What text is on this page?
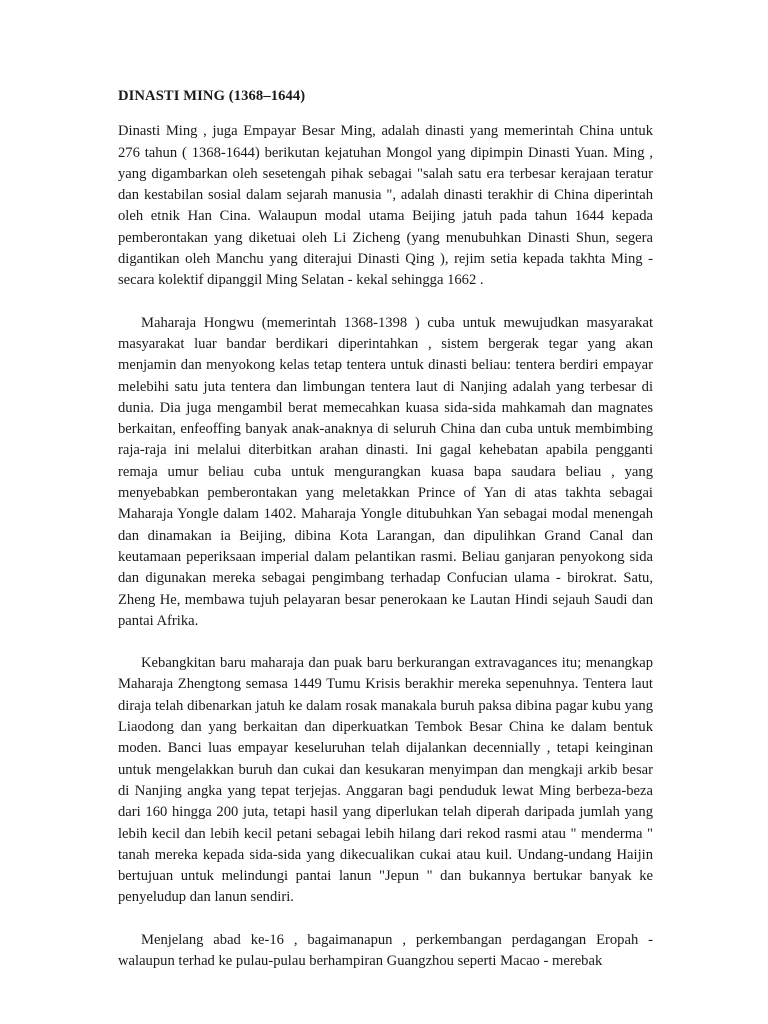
DINASTI MING (1368–1644)

Dinasti Ming , juga Empayar Besar Ming, adalah dinasti yang memerintah China untuk 276 tahun ( 1368-1644) berikutan kejatuhan Mongol yang dipimpin Dinasti Yuan. Ming , yang digambarkan oleh sesetengah pihak sebagai "salah satu era terbesar kerajaan teratur dan kestabilan sosial dalam sejarah manusia ", adalah dinasti terakhir di China diperintah oleh etnik Han Cina. Walaupun modal utama Beijing jatuh pada tahun 1644 kepada pemberontakan yang diketuai oleh Li Zicheng (yang menubuhkan Dinasti Shun, segera digantikan oleh Manchu yang diterajui Dinasti Qing ), rejim setia kepada takhta Ming - secara kolektif dipanggil Ming Selatan - kekal sehingga 1662 .

Maharaja Hongwu (memerintah 1368-1398 ) cuba untuk mewujudkan masyarakat masyarakat luar bandar berdikari diperintahkan , sistem bergerak tegar yang akan menjamin dan menyokong kelas tetap tentera untuk dinasti beliau: tentera berdiri empayar melebihi satu juta tentera dan limbungan tentera laut di Nanjing adalah yang terbesar di dunia. Dia juga mengambil berat memecahkan kuasa sida-sida mahkamah dan magnates berkaitan, enfeoffing banyak anak-anaknya di seluruh China dan cuba untuk membimbing raja-raja ini melalui diterbitkan arahan dinasti. Ini gagal kehebatan apabila pengganti remaja umur beliau cuba untuk mengurangkan kuasa bapa saudara beliau , yang menyebabkan pemberontakan yang meletakkan Prince of Yan di atas takhta sebagai Maharaja Yongle dalam 1402. Maharaja Yongle ditubuhkan Yan sebagai modal menengah dan dinamakan ia Beijing, dibina Kota Larangan, dan dipulihkan Grand Canal dan keutamaan peperiksaan imperial dalam pelantikan rasmi. Beliau ganjaran penyokong sida dan digunakan mereka sebagai pengimbang terhadap Confucian ulama - birokrat. Satu, Zheng He, membawa tujuh pelayaran besar penerokaan ke Lautan Hindi sejauh Saudi dan pantai Afrika.

Kebangkitan baru maharaja dan puak baru berkurangan extravagances itu; menangkap Maharaja Zhengtong semasa 1449 Tumu Krisis berakhir mereka sepenuhnya. Tentera laut diraja telah dibenarkan jatuh ke dalam rosak manakala buruh paksa dibina pagar kubu yang Liaodong dan yang berkaitan dan diperkuatkan Tembok Besar China ke dalam bentuk moden. Banci luas empayar keseluruhan telah dijalankan decennially , tetapi keinginan untuk mengelakkan buruh dan cukai dan kesukaran menyimpan dan mengkaji arkib besar di Nanjing angka yang tepat terjejas. Anggaran bagi penduduk lewat Ming berbeza-beza dari 160 hingga 200 juta, tetapi hasil yang diperlukan telah diperah daripada jumlah yang lebih kecil dan lebih kecil petani sebagai lebih hilang dari rekod rasmi atau " menderma " tanah mereka kepada sida-sida yang dikecualikan cukai atau kuil. Undang-undang Haijin bertujuan untuk melindungi pantai lanun "Jepun " dan bukannya bertukar banyak ke penyeludup dan lanun sendiri.

Menjelang abad ke-16 , bagaimanapun , perkembangan perdagangan Eropah - walaupun terhad ke pulau-pulau berhampiran Guangzhou seperti Macao - merebak
